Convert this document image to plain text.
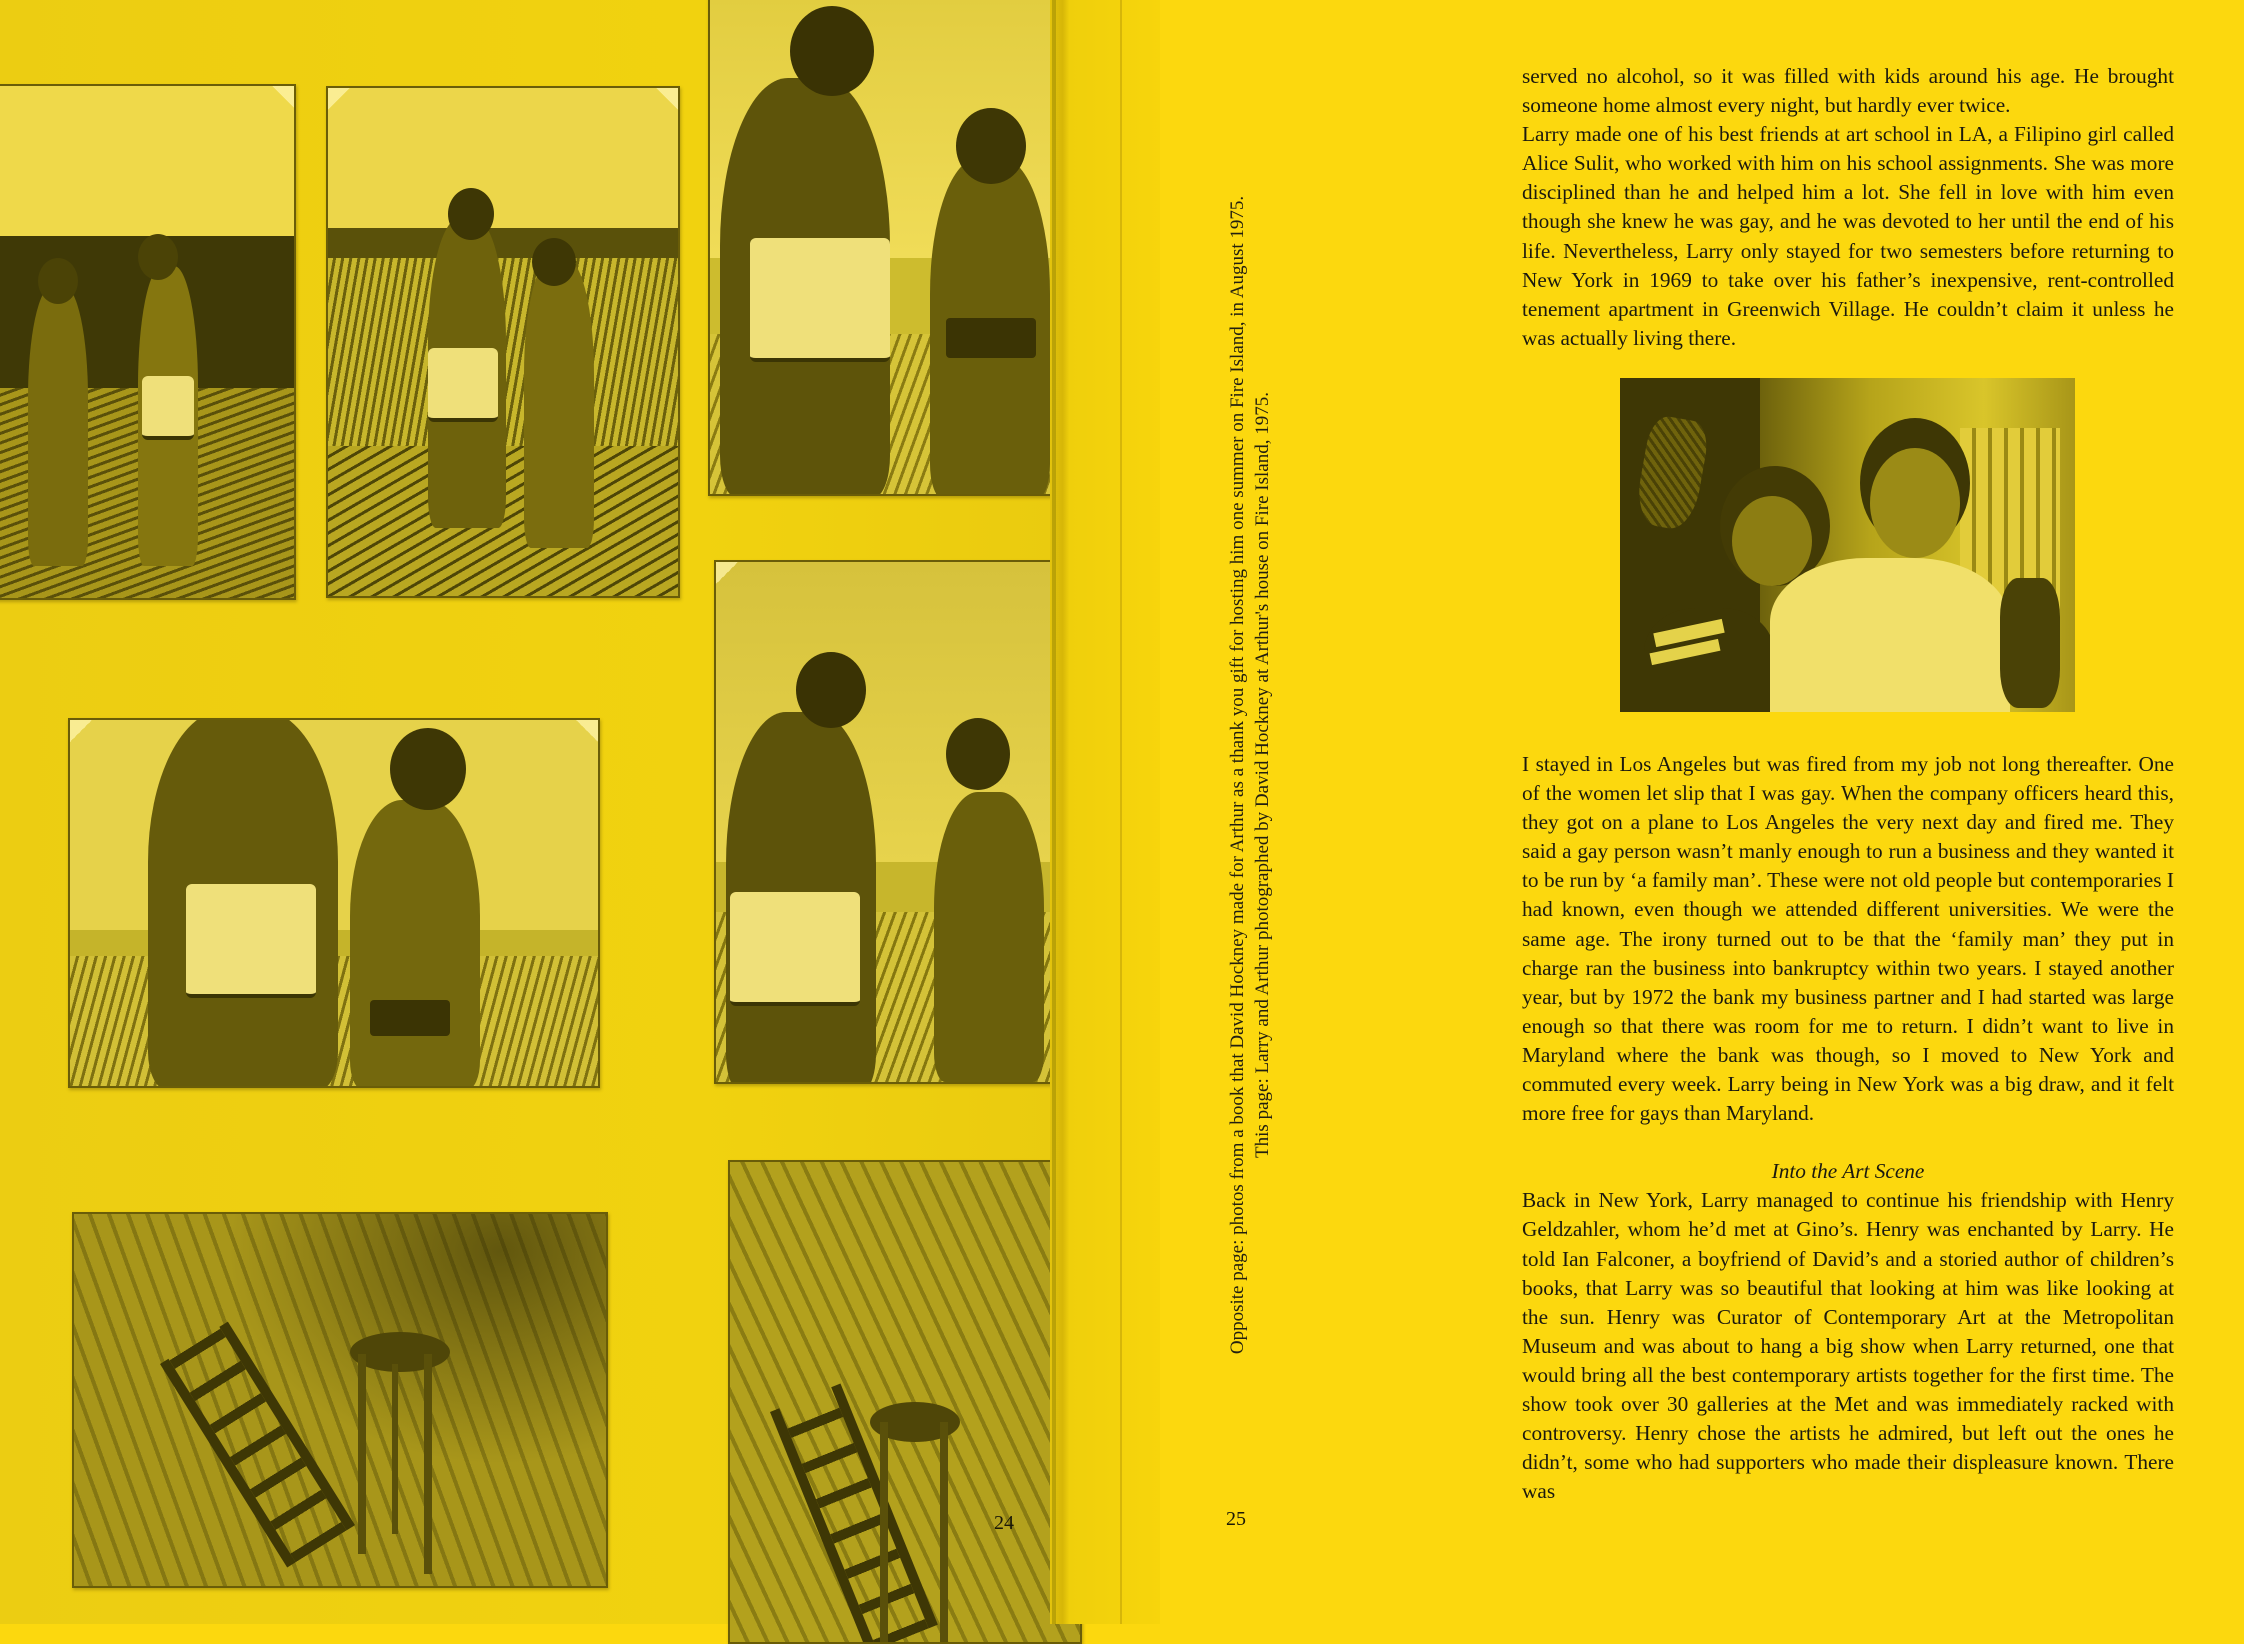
24
Opposite page: photos from a book that David Hockney made for Arthur as a thank you gift for hosting him one summer on Fire Island, in August 1975. This page: Larry and Arthur photographed by David Hockney at Arthur's house on Fire Island, 1975.
25

served no alcohol, so it was filled with kids around his age. He brought someone home almost every night, but hardly ever twice.

Larry made one of his best friends at art school in LA, a Filipino girl called Alice Sulit, who worked with him on his school assignments. She was more disciplined than he and helped him a lot. She fell in love with him even though she knew he was gay, and he was devoted to her until the end of his life. Nevertheless, Larry only stayed for two semesters before returning to New York in 1969 to take over his father’s inexpensive, rent-controlled tenement apartment in Greenwich Village. He couldn’t claim it unless he was actually living there.

I stayed in Los Angeles but was fired from my job not long thereafter. One of the women let slip that I was gay. When the company officers heard this, they got on a plane to Los Angeles the very next day and fired me. They said a gay person wasn’t manly enough to run a business and they wanted it to be run by ‘a family man’. These were not old people but contemporaries I had known, even though we attended different universities. We were the same age. The irony turned out to be that the ‘family man’ they put in charge ran the business into bankruptcy within two years. I stayed another year, but by 1972 the bank my business partner and I had started was large enough so that there was room for me to return. I didn’t want to live in Maryland where the bank was though, so I moved to New York and commuted every week. Larry being in New York was a big draw, and it felt more free for gays than Maryland.

Into the Art Scene

Back in New York, Larry managed to continue his friendship with Henry Geldzahler, whom he’d met at Gino’s. Henry was enchanted by Larry. He told Ian Falconer, a boyfriend of David’s and a storied author of children’s books, that Larry was so beautiful that looking at him was like looking at the sun. Henry was Curator of Contemporary Art at the Metropolitan Museum and was about to hang a big show when Larry returned, one that would bring all the best contemporary artists together for the first time. The show took over 30 galleries at the Met and was immediately racked with controversy. Henry chose the artists he admired, but left out the ones he didn’t, some who had supporters who made their displeasure known. There was
